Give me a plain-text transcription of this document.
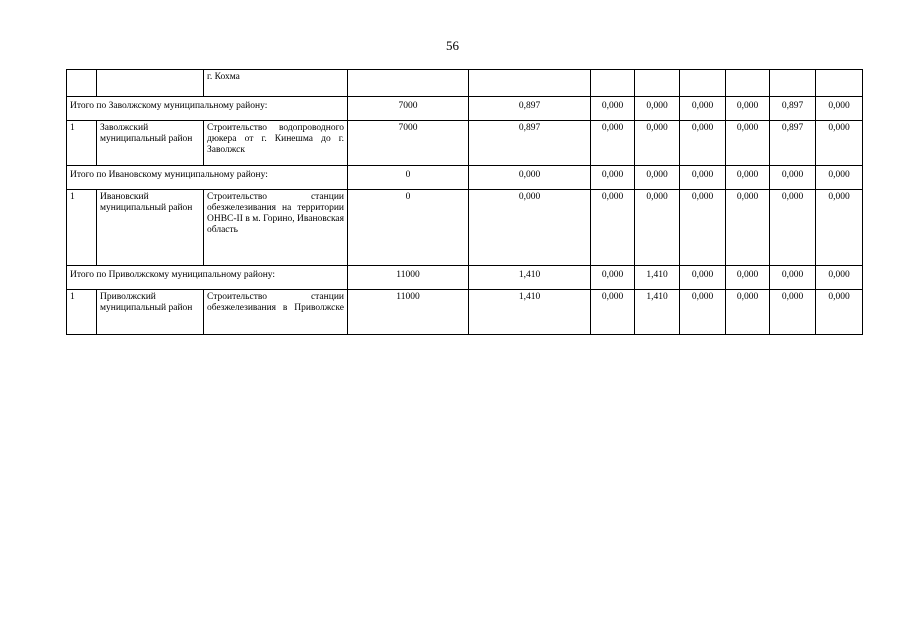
56
		г. Кохма								
Итого по Заволжскому муниципальному району:			7000	0,897	0,000	0,000	0,000	0,000	0,897	0,000
1	Заволжский муниципальный район	Строительство водопроводного дюкера от г. Кинешма до г. Заволжск	7000	0,897	0,000	0,000	0,000	0,000	0,897	0,000
Итого по Ивановскому муниципальному району:			0	0,000	0,000	0,000	0,000	0,000	0,000	0,000
1	Ивановский муниципальный район	Строительство станции обезжелезивания на территории ОНВС-II в м. Горино, Ивановская область	0	0,000	0,000	0,000	0,000	0,000	0,000	0,000
Итого по Приволжскому муниципальному району:			11000	1,410	0,000	1,410	0,000	0,000	0,000	0,000
1	Приволжский муниципальный район	Строительство станции обезжелезивания в Приволжске	11000	1,410	0,000	1,410	0,000	0,000	0,000	0,000
